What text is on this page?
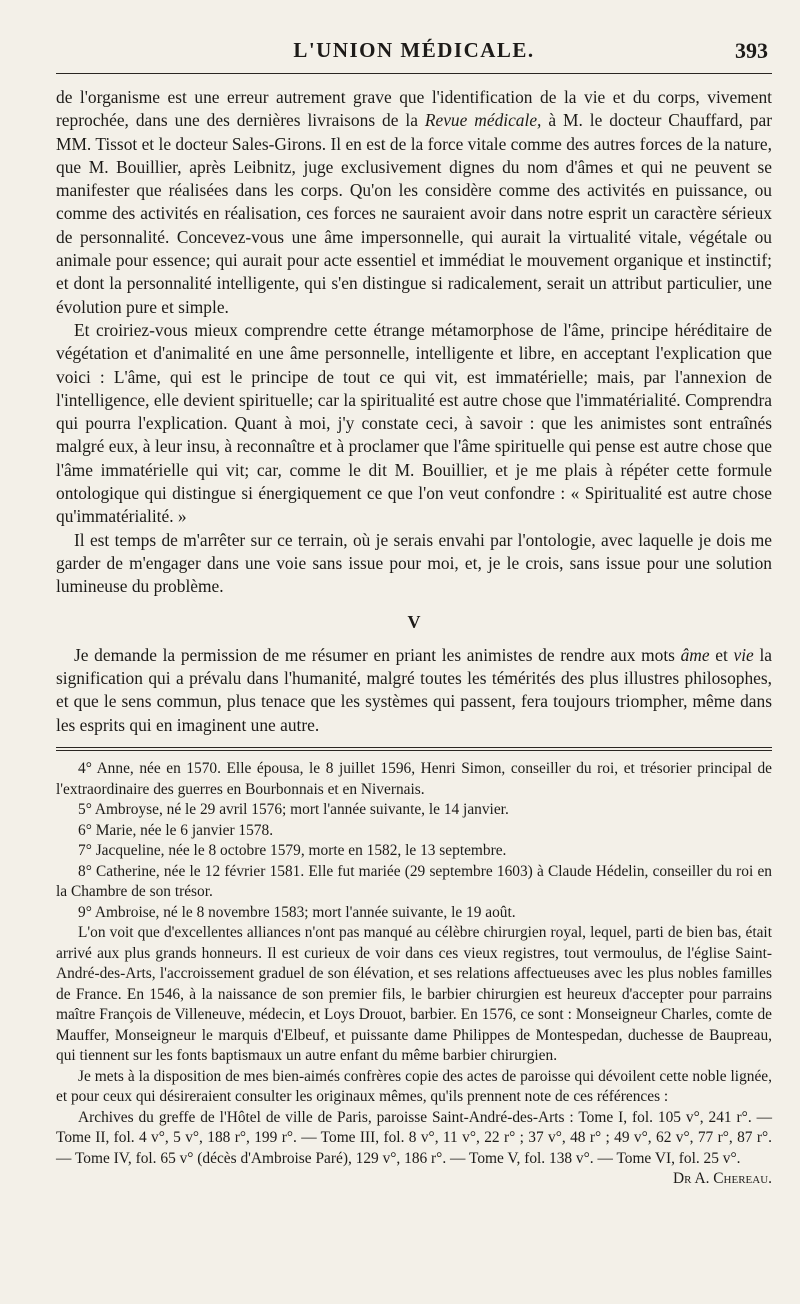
L'UNION MÉDICALE.	393

de l'organisme est une erreur autrement grave que l'identification de la vie et du corps, vivement reprochée, dans une des dernières livraisons de la Revue médicale, à M. le docteur Chauffard, par MM. Tissot et le docteur Sales-Girons. Il en est de la force vitale comme des autres forces de la nature, que M. Bouillier, après Leibnitz, juge exclusivement dignes du nom d'âmes et qui ne peuvent se manifester que réalisées dans les corps. Qu'on les considère comme des activités en puissance, ou comme des activités en réalisation, ces forces ne sauraient avoir dans notre esprit un caractère sérieux de personnalité. Concevez-vous une âme impersonnelle, qui aurait la virtualité vitale, végétale ou animale pour essence; qui aurait pour acte essentiel et immédiat le mouvement organique et instinctif; et dont la personnalité intelligente, qui s'en distingue si radicalement, serait un attribut particulier, une évolution pure et simple.

Et croiriez-vous mieux comprendre cette étrange métamorphose de l'âme, principe héréditaire de végétation et d'animalité en une âme personnelle, intelligente et libre, en acceptant l'explication que voici : L'âme, qui est le principe de tout ce qui vit, est immatérielle; mais, par l'annexion de l'intelligence, elle devient spirituelle; car la spiritualité est autre chose que l'immatérialité. Comprendra qui pourra l'explication. Quant à moi, j'y constate ceci, à savoir : que les animistes sont entraînés malgré eux, à leur insu, à reconnaître et à proclamer que l'âme spirituelle qui pense est autre chose que l'âme immatérielle qui vit; car, comme le dit M. Bouillier, et je me plais à répéter cette formule ontologique qui distingue si énergiquement ce que l'on veut confondre : « Spiritualité est autre chose qu'immatérialité. »

Il est temps de m'arrêter sur ce terrain, où je serais envahi par l'ontologie, avec laquelle je dois me garder de m'engager dans une voie sans issue pour moi, et, je le crois, sans issue pour une solution lumineuse du problème.

V

Je demande la permission de me résumer en priant les animistes de rendre aux mots âme et vie la signification qui a prévalu dans l'humanité, malgré toutes les témérités des plus illustres philosophes, et que le sens commun, plus tenace que les systèmes qui passent, fera toujours triompher, même dans les esprits qui en imaginent une autre.

4° Anne, née en 1570. Elle épousa, le 8 juillet 1596, Henri Simon, conseiller du roi, et trésorier principal de l'extraordinaire des guerres en Bourbonnais et en Nivernais.

5° Ambroyse, né le 29 avril 1576; mort l'année suivante, le 14 janvier.

6° Marie, née le 6 janvier 1578.

7° Jacqueline, née le 8 octobre 1579, morte en 1582, le 13 septembre.

8° Catherine, née le 12 février 1581. Elle fut mariée (29 septembre 1603) à Claude Hédelin, conseiller du roi en la Chambre de son trésor.

9° Ambroise, né le 8 novembre 1583; mort l'année suivante, le 19 août.

L'on voit que d'excellentes alliances n'ont pas manqué au célèbre chirurgien royal, lequel, parti de bien bas, était arrivé aux plus grands honneurs. Il est curieux de voir dans ces vieux registres, tout vermoulus, de l'église Saint-André-des-Arts, l'accroissement graduel de son élévation, et ses relations affectueuses avec les plus nobles familles de France. En 1546, à la naissance de son premier fils, le barbier chirurgien est heureux d'accepter pour parrains maître François de Villeneuve, médecin, et Loys Drouot, barbier. En 1576, ce sont : Monseigneur Charles, comte de Mauffer, Monseigneur le marquis d'Elbeuf, et puissante dame Philippes de Montespedan, duchesse de Baupreau, qui tiennent sur les fonts baptismaux un autre enfant du même barbier chirurgien.

Je mets à la disposition de mes bien-aimés confrères copie des actes de paroisse qui dévoilent cette noble lignée, et pour ceux qui désireraient consulter les originaux mêmes, qu'ils prennent note de ces références :

Archives du greffe de l'Hôtel de ville de Paris, paroisse Saint-André-des-Arts : Tome I, fol. 105 v°, 241 r°. — Tome II, fol. 4 v°, 5 v°, 188 r°, 199 r°. — Tome III, fol. 8 v°, 11 v°, 22 r° ; 37 v°, 48 r° ; 49 v°, 62 v°, 77 r°, 87 r°. — Tome IV, fol. 65 v° (décès d'Ambroise Paré), 129 v°, 186 r°. — Tome V, fol. 138 v°. — Tome VI, fol. 25 v°.
Dr A. Chereau.
